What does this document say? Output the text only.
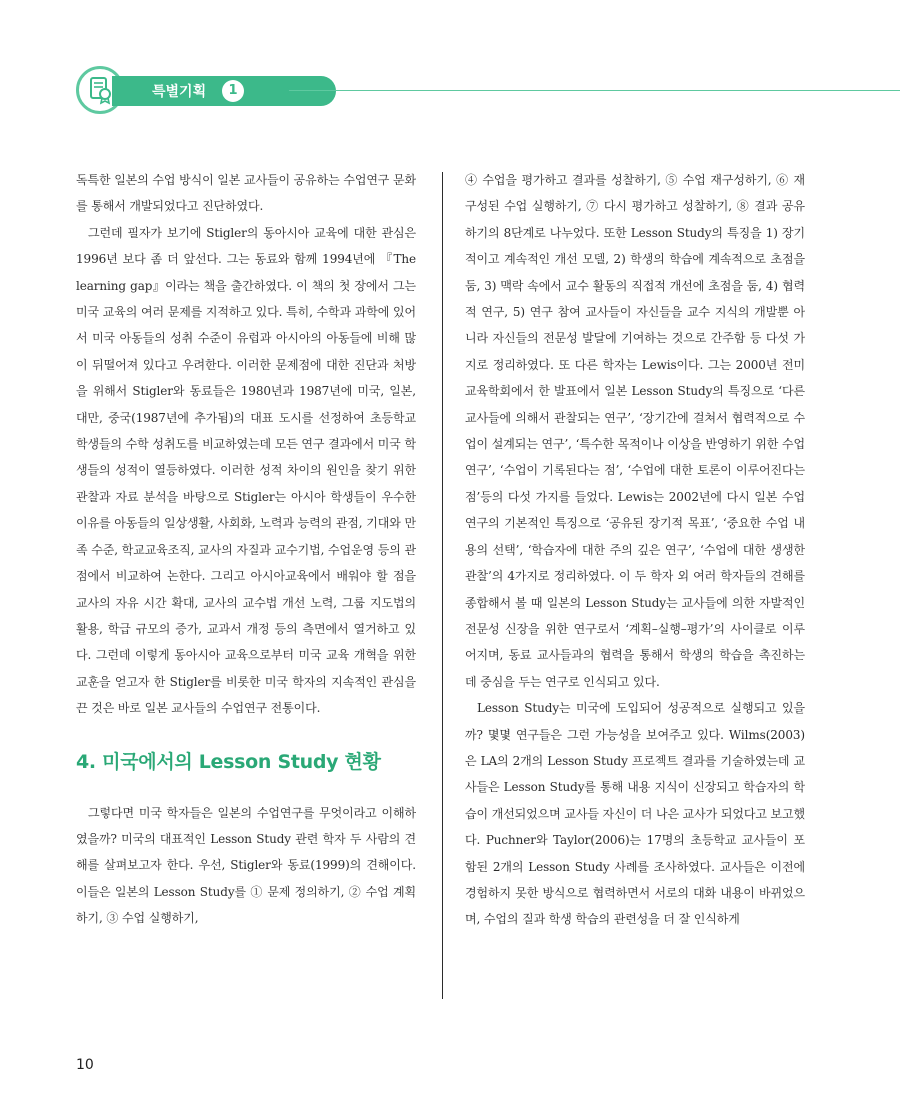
특별기획	1

독특한 일본의 수업 방식이 일본 교사들이 공유하는 수업연구 문화를 통해서 개발되었다고 진단하였다.

그런데 필자가 보기에 Stigler의 동아시아 교육에 대한 관심은 1996년 보다 좀 더 앞선다. 그는 동료와 함께 1994년에 『The learning gap』이라는 책을 출간하였다. 이 책의 첫 장에서 그는 미국 교육의 여러 문제를 지적하고 있다. 특히, 수학과 과학에 있어서 미국 아동들의 성취 수준이 유럽과 아시아의 아동들에 비해 많이 뒤떨어져 있다고 우려한다. 이러한 문제점에 대한 진단과 처방을 위해서 Stigler와 동료들은 1980년과 1987년에 미국, 일본, 대만, 중국(1987년에 추가됨)의 대표 도시를 선정하여 초등학교 학생들의 수학 성취도를 비교하였는데 모든 연구 결과에서 미국 학생들의 성적이 열등하였다. 이러한 성적 차이의 원인을 찾기 위한 관찰과 자료 분석을 바탕으로 Stigler는 아시아 학생들이 우수한 이유를 아동들의 일상생활, 사회화, 노력과 능력의 관점, 기대와 만족 수준, 학교교육조직, 교사의 자질과 교수기법, 수업운영 등의 관점에서 비교하여 논한다. 그리고 아시아교육에서 배워야 할 점을 교사의 자유 시간 확대, 교사의 교수법 개선 노력, 그룹 지도법의 활용, 학급 규모의 증가, 교과서 개정 등의 측면에서 열거하고 있다. 그런데 이렇게 동아시아 교육으로부터 미국 교육 개혁을 위한 교훈을 얻고자 한 Stigler를 비롯한 미국 학자의 지속적인 관심을 끈 것은 바로 일본 교사들의 수업연구 전통이다.

4. 미국에서의 Lesson Study 현황

그렇다면 미국 학자들은 일본의 수업연구를 무엇이라고 이해하였을까? 미국의 대표적인 Lesson Study 관련 학자 두 사람의 견해를 살펴보고자 한다. 우선, Stigler와 동료(1999)의 견해이다. 이들은 일본의 Lesson Study를 ① 문제 정의하기, ② 수업 계획하기, ③ 수업 실행하기,

④ 수업을 평가하고 결과를 성찰하기, ⑤ 수업 재구성하기, ⑥ 재구성된 수업 실행하기, ⑦ 다시 평가하고 성찰하기, ⑧ 결과 공유하기의 8단계로 나누었다. 또한 Lesson Study의 특징을 1) 장기적이고 계속적인 개선 모델, 2) 학생의 학습에 계속적으로 초점을 둠, 3) 맥락 속에서 교수 활동의 직접적 개선에 초점을 둠, 4) 협력적 연구, 5) 연구 참여 교사들이 자신들을 교수 지식의 개발뿐 아니라 자신들의 전문성 발달에 기여하는 것으로 간주함 등 다섯 가지로 정리하였다. 또 다른 학자는 Lewis이다. 그는 2000년 전미교육학회에서 한 발표에서 일본 Lesson Study의 특징으로 ‘다른 교사들에 의해서 관찰되는 연구’, ‘장기간에 걸쳐서 협력적으로 수업이 설계되는 연구’, ‘특수한 목적이나 이상을 반영하기 위한 수업 연구’, ‘수업이 기록된다는 점’, ‘수업에 대한 토론이 이루어진다는 점’등의 다섯 가지를 들었다. Lewis는 2002년에 다시 일본 수업 연구의 기본적인 특징으로 ‘공유된 장기적 목표’, ‘중요한 수업 내용의 선택’, ‘학습자에 대한 주의 깊은 연구’, ‘수업에 대한 생생한 관찰’의 4가지로 정리하였다. 이 두 학자 외 여러 학자들의 견해를 종합해서 볼 때 일본의 Lesson Study는 교사들에 의한 자발적인 전문성 신장을 위한 연구로서 ‘계획–실행–평가’의 사이클로 이루어지며, 동료 교사들과의 협력을 통해서 학생의 학습을 촉진하는 데 중심을 두는 연구로 인식되고 있다.

Lesson Study는 미국에 도입되어 성공적으로 실행되고 있을까? 몇몇 연구들은 그런 가능성을 보여주고 있다. Wilms(2003)은 LA의 2개의 Lesson Study 프로젝트 결과를 기술하였는데 교사들은 Lesson Study를 통해 내용 지식이 신장되고 학습자의 학습이 개선되었으며 교사들 자신이 더 나은 교사가 되었다고 보고했다. Puchner와 Taylor(2006)는 17명의 초등학교 교사들이 포함된 2개의 Lesson Study 사례를 조사하였다. 교사들은 이전에 경험하지 못한 방식으로 협력하면서 서로의 대화 내용이 바뀌었으며, 수업의 질과 학생 학습의 관련성을 더 잘 인식하게

10
